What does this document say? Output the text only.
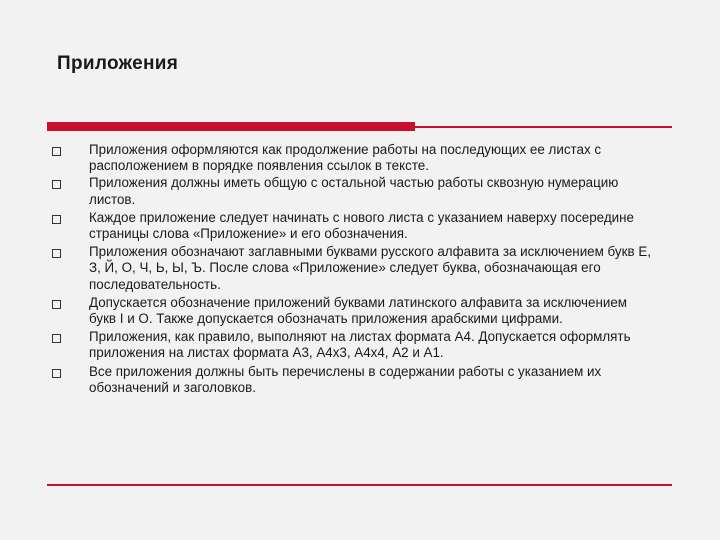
Приложения
Приложения оформляются как продолжение работы на последующих ее листах с расположением в порядке появления ссылок в тексте.
Приложения должны иметь общую с остальной частью работы сквозную нумерацию листов.
Каждое приложение следует начинать с нового листа с указанием наверху посередине страницы слова «Приложение» и его обозначения.
Приложения обозначают заглавными буквами русского алфавита за исключением букв Е, З, Й, О, Ч, Ь, Ы, Ъ. После слова «Приложение» следует буква, обозначающая его последовательность.
Допускается обозначение приложений буквами латинского алфавита за исключением букв I и О. Также допускается обозначать приложения арабскими цифрами.
Приложения, как правило, выполняют на листах формата А4. Допускается оформлять приложения на листах формата А3, А4х3, А4х4, А2 и А1.
Все приложения должны быть перечислены в содержании работы с указанием их обозначений и заголовков.
